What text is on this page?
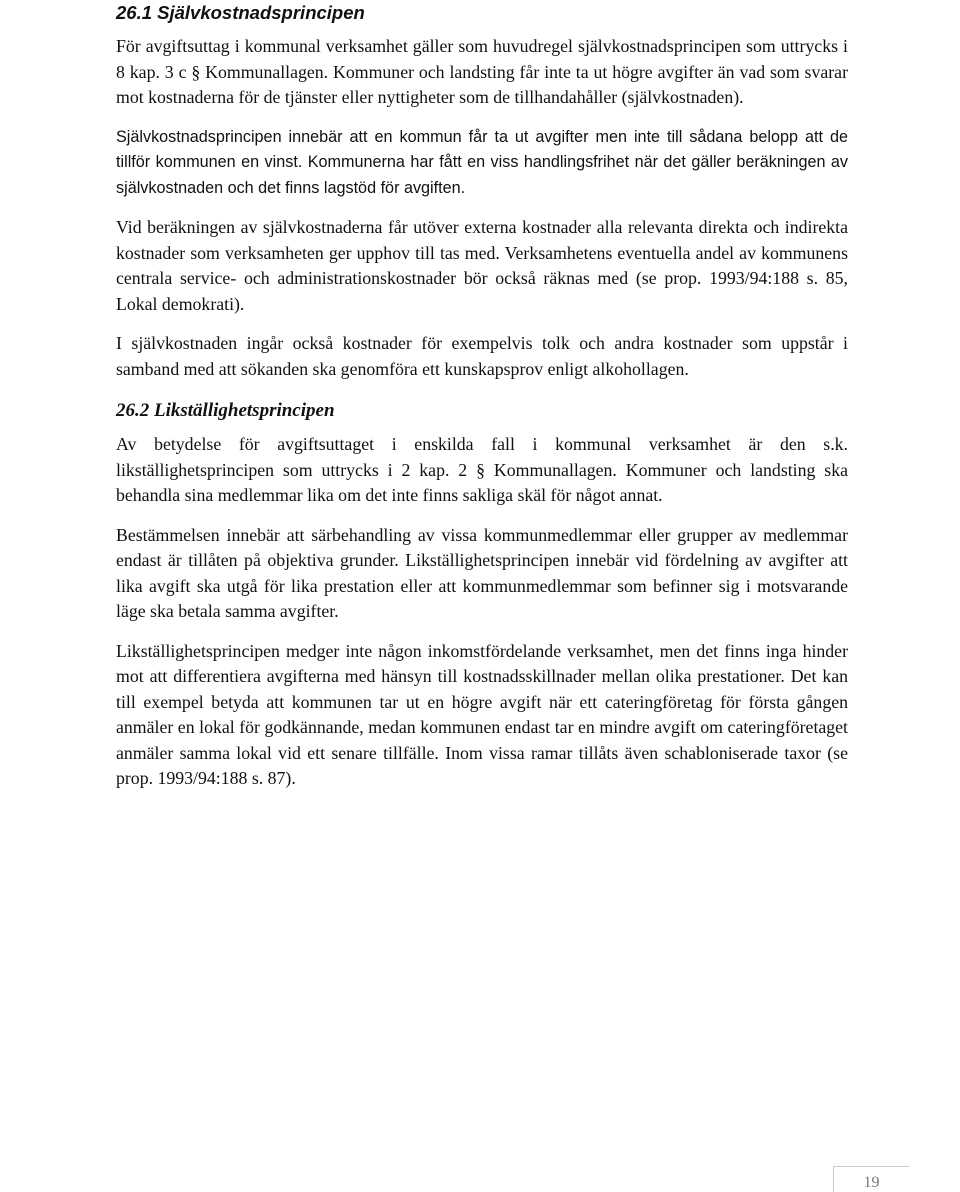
26.1 Självkostnadsprincipen

För avgiftsuttag i kommunal verksamhet gäller som huvudregel självkostnadsprincipen som uttrycks i 8 kap. 3 c § Kommunallagen. Kommuner och landsting får inte ta ut högre avgifter än vad som svarar mot kostnaderna för de tjänster eller nyttigheter som de tillhandahåller (självkostnaden).

Självkostnadsprincipen innebär att en kommun får ta ut avgifter men inte till sådana belopp att de tillför kommunen en vinst. Kommunerna har fått en viss handlingsfrihet när det gäller beräkningen av självkostnaden och det finns lagstöd för avgiften.

Vid beräkningen av självkostnaderna får utöver externa kostnader alla relevanta direkta och indirekta kostnader som verksamheten ger upphov till tas med. Verksamhetens eventuella andel av kommunens centrala service- och administrationskostnader bör också räknas med (se prop. 1993/94:188 s. 85, Lokal demokrati).

I självkostnaden ingår också kostnader för exempelvis tolk och andra kostnader som uppstår i samband med att sökanden ska genomföra ett kunskapsprov enligt alkohollagen.

26.2 Likställighetsprincipen

Av betydelse för avgiftsuttaget i enskilda fall i kommunal verksamhet är den s.k. likställighetsprincipen som uttrycks i 2 kap. 2 § Kommunallagen. Kommuner och landsting ska behandla sina medlemmar lika om det inte finns sakliga skäl för något annat.

Bestämmelsen innebär att särbehandling av vissa kommunmedlemmar eller grupper av medlemmar endast är tillåten på objektiva grunder. Likställighetsprincipen innebär vid fördelning av avgifter att lika avgift ska utgå för lika prestation eller att kommunmedlemmar som befinner sig i motsvarande läge ska betala samma avgifter.

Likställighetsprincipen medger inte någon inkomstfördelande verksamhet, men det finns inga hinder mot att differentiera avgifterna med hänsyn till kostnadsskillnader mellan olika prestationer. Det kan till exempel betyda att kommunen tar ut en högre avgift när ett cateringföretag för första gången anmäler en lokal för godkännande, medan kommunen endast tar en mindre avgift om cateringföretaget anmäler samma lokal vid ett senare tillfälle. Inom vissa ramar tillåts även schabloniserade taxor (se prop. 1993/94:188 s. 87).

19
